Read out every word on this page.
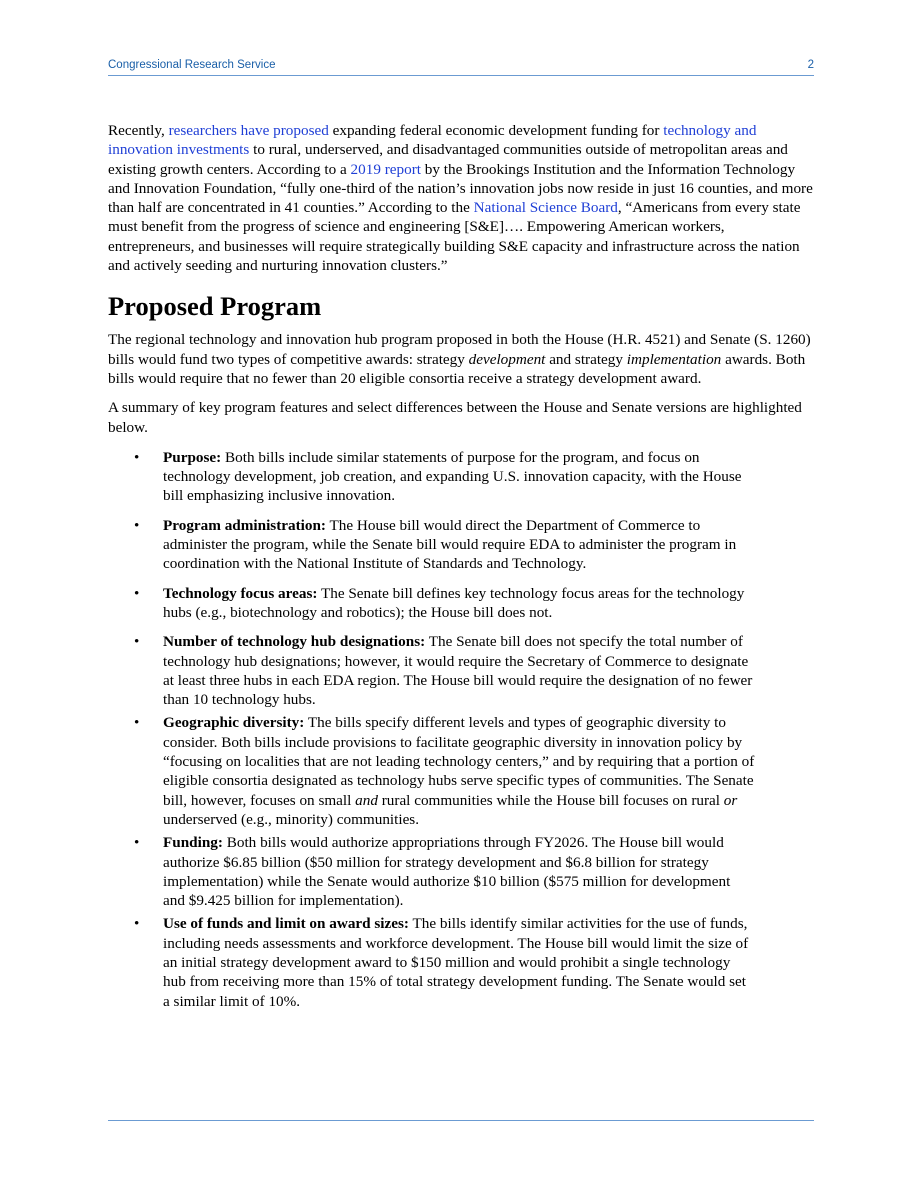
Congressional Research Service	2

Recently, researchers have proposed expanding federal economic development funding for technology and innovation investments to rural, underserved, and disadvantaged communities outside of metropolitan areas and existing growth centers. According to a 2019 report by the Brookings Institution and the Information Technology and Innovation Foundation, “fully one-third of the nation’s innovation jobs now reside in just 16 counties, and more than half are concentrated in 41 counties.” According to the National Science Board, “Americans from every state must benefit from the progress of science and engineering [S&E]…. Empowering American workers, entrepreneurs, and businesses will require strategically building S&E capacity and infrastructure across the nation and actively seeding and nurturing innovation clusters.”

Proposed Program

The regional technology and innovation hub program proposed in both the House (H.R. 4521) and Senate (S. 1260) bills would fund two types of competitive awards: strategy development and strategy implementation awards. Both bills would require that no fewer than 20 eligible consortia receive a strategy development award.

A summary of key program features and select differences between the House and Senate versions are highlighted below.

• Purpose: Both bills include similar statements of purpose for the program, and focus on technology development, job creation, and expanding U.S. innovation capacity, with the House bill emphasizing inclusive innovation.
• Program administration: The House bill would direct the Department of Commerce to administer the program, while the Senate bill would require EDA to administer the program in coordination with the National Institute of Standards and Technology.
• Technology focus areas: The Senate bill defines key technology focus areas for the technology hubs (e.g., biotechnology and robotics); the House bill does not.
• Number of technology hub designations: The Senate bill does not specify the total number of technology hub designations; however, it would require the Secretary of Commerce to designate at least three hubs in each EDA region. The House bill would require the designation of no fewer than 10 technology hubs.
• Geographic diversity: The bills specify different levels and types of geographic diversity to consider. Both bills include provisions to facilitate geographic diversity in innovation policy by “focusing on localities that are not leading technology centers,” and by requiring that a portion of eligible consortia designated as technology hubs serve specific types of communities. The Senate bill, however, focuses on small and rural communities while the House bill focuses on rural or underserved (e.g., minority) communities.
• Funding: Both bills would authorize appropriations through FY2026. The House bill would authorize $6.85 billion ($50 million for strategy development and $6.8 billion for strategy implementation) while the Senate would authorize $10 billion ($575 million for development and $9.425 billion for implementation).
• Use of funds and limit on award sizes: The bills identify similar activities for the use of funds, including needs assessments and workforce development. The House bill would limit the size of an initial strategy development award to $150 million and would prohibit a single technology hub from receiving more than 15% of total strategy development funding. The Senate would set a similar limit of 10%.
